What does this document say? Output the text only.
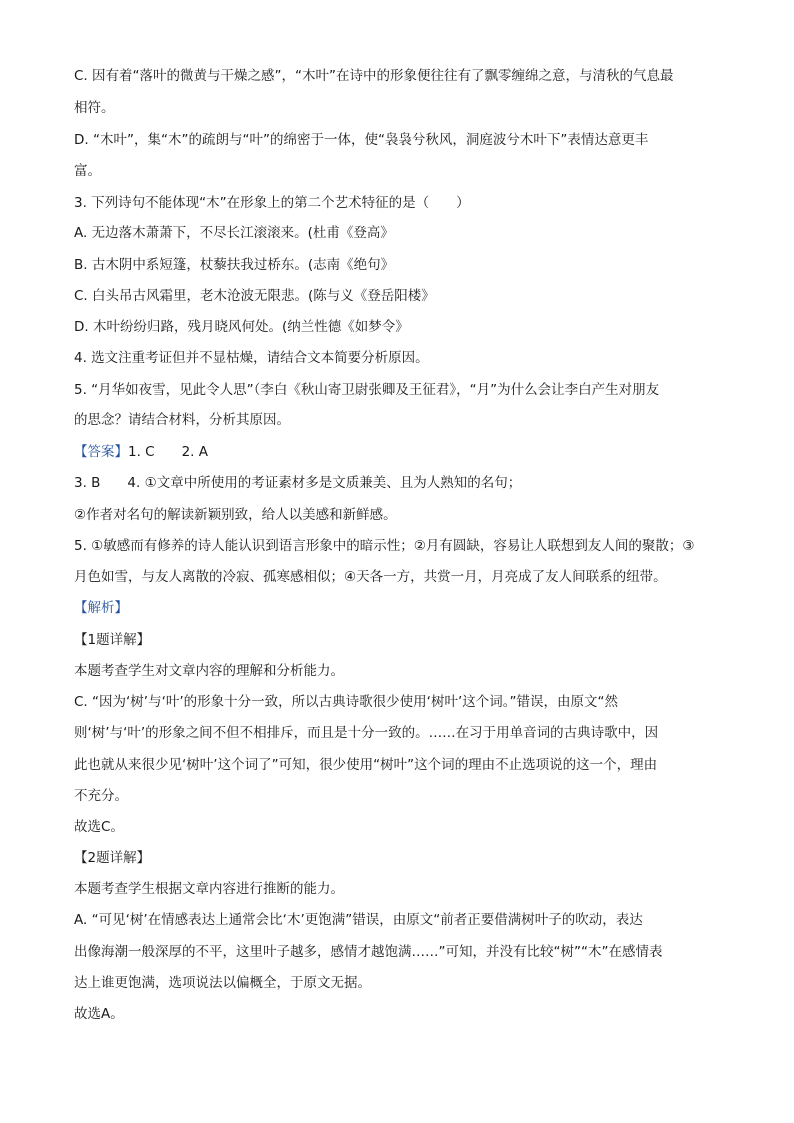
C. 因有着“落叶的微黄与干燥之感”，“木叶”在诗中的形象便往往有了飘零缠绵之意，与清秋的气息最
相符。
D. “木叶”，集“木”的疏朗与“叶”的绵密于一体，使“袅袅兮秋风，洞庭波兮木叶下”表情达意更丰
富。
3. 下列诗句不能体现“木”在形象上的第二个艺术特征的是（　　）
A. 无边落木萧萧下，不尽长江滚滚来。(杜甫《登高》
B. 古木阴中系短篷，杖藜扶我过桥东。(志南《绝句》
C. 白头吊古风霜里，老木沧波无限悲。(陈与义《登岳阳楼》
D. 木叶纷纷归路，残月晓风何处。(纳兰性德《如梦令》
4. 选文注重考证但并不显枯燥，请结合文本简要分析原因。
5. “月华如夜雪，见此令人思”（李白《秋山寄卫尉张卿及王征君》，“月”为什么会让李白产生对朋友
的思念？请结合材料，分析其原因。
【答案】1. C　　2. A
3. B　　4. ①文章中所使用的考证素材多是文质兼美、且为人熟知的名句；
②作者对名句的解读新颖别致，给人以美感和新鲜感。
5. ①敏感而有修养的诗人能认识到语言形象中的暗示性；②月有圆缺，容易让人联想到友人间的聚散；③
月色如雪，与友人离散的冷寂、孤寒感相似；④天各一方，共赏一月，月亮成了友人间联系的纽带。
【解析】
【1题详解】
本题考查学生对文章内容的理解和分析能力。
C. “因为‘树’与‘叶’的形象十分一致，所以古典诗歌很少使用‘树叶’这个词。”错误，由原文“然
则‘树’与‘叶’的形象之间不但不相排斥，而且是十分一致的。……在习于用单音词的古典诗歌中，因
此也就从来很少见‘树叶’这个词了”可知，很少使用“树叶”这个词的理由不止选项说的这一个，理由
不充分。
故选C。
【2题详解】
本题考查学生根据文章内容进行推断的能力。
A. “可见‘树’在情感表达上通常会比‘木’更饱满”错误，由原文“前者正要借满树叶子的吹动，表达
出像海潮一般深厚的不平，这里叶子越多，感情才越饱满……”可知，并没有比较“树”“木”在感情表
达上谁更饱满，选项说法以偏概全，于原文无据。
故选A。
